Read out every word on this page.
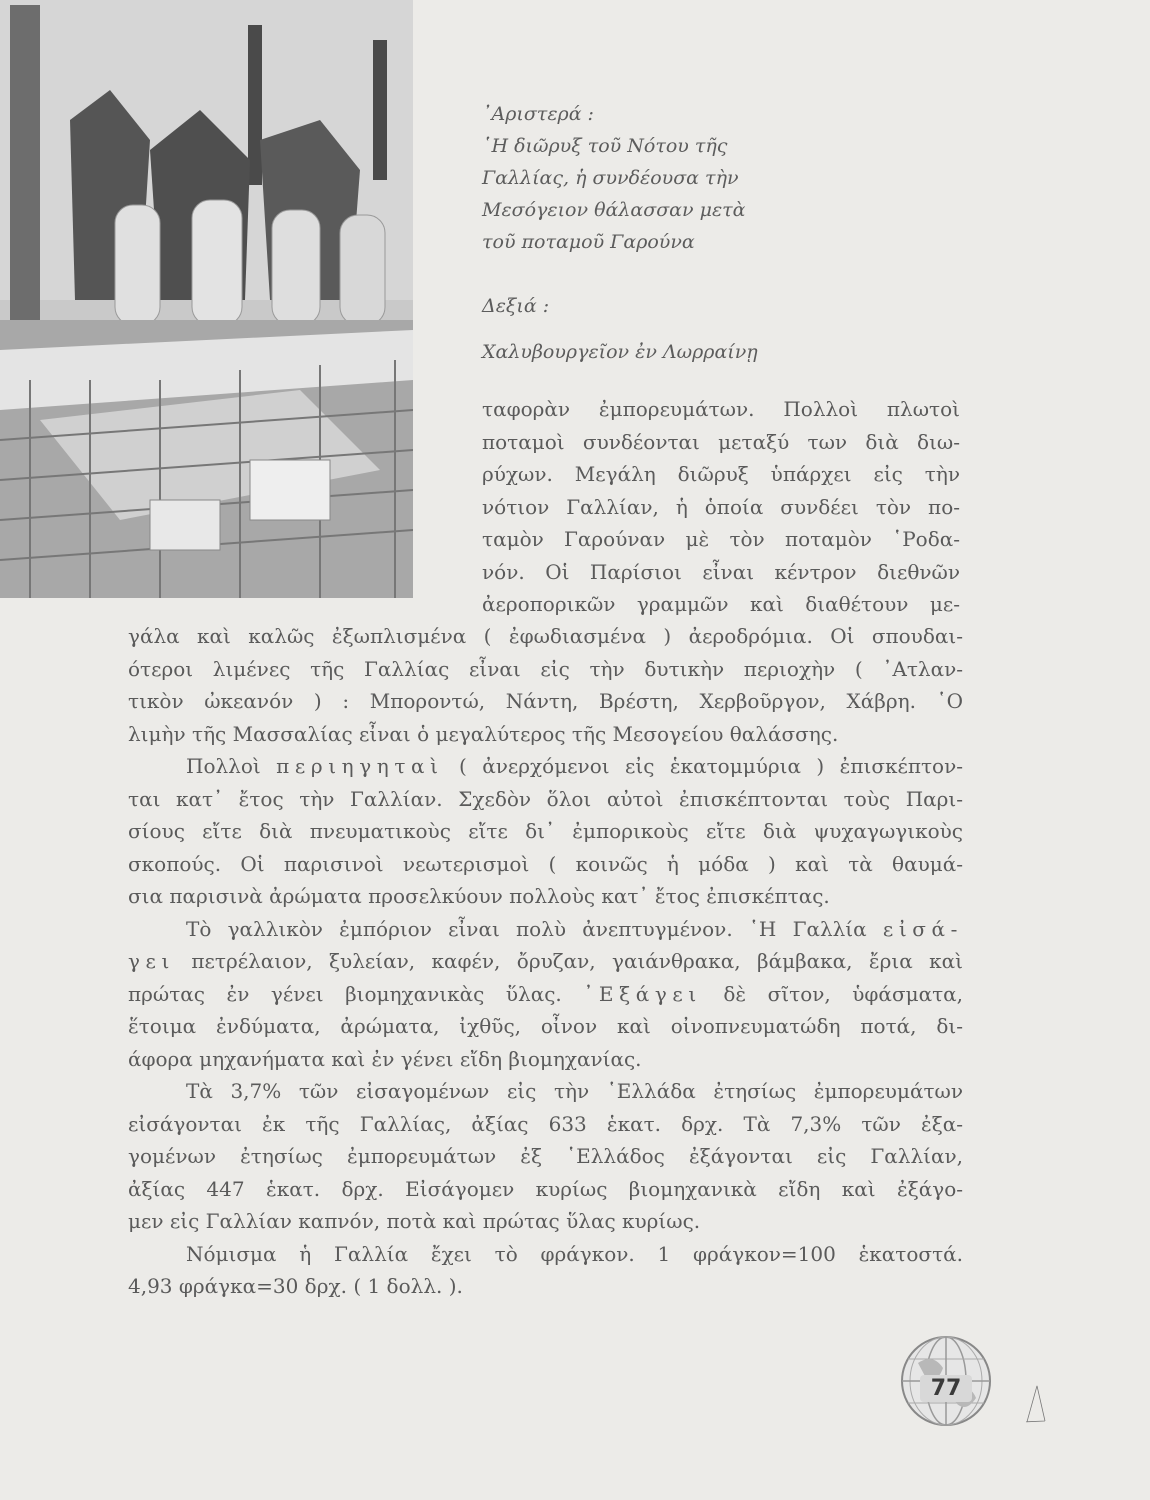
᾿Αριστερά :

῾Η διῶρυξ τοῦ Νότου τῆς

Γαλλίας, ἡ συνδέουσα τὴν

Μεσόγειον θάλασσαν μετὰ

τοῦ ποταμοῦ Γαρούνα

Δεξιά :

Χαλυβουργεῖον ἐν Λωρραίνῃ

ταφορὰν ἐμπορευμάτων. Πολλοὶ πλωτοὶ
ποταμοὶ συνδέονται μεταξύ των διὰ διω-
ρύχων. Μεγάλη διῶρυξ ὑπάρχει εἰς τὴν
νότιον Γαλλίαν, ἡ ὁποία συνδέει τὸν πο-
ταμὸν Γαρούναν μὲ τὸν ποταμὸν ῾Ροδα-
νόν. Οἱ Παρίσιοι εἶναι κέντρον διεθνῶν
ἀεροπορικῶν γραμμῶν καὶ διαθέτουν με-
γάλα καὶ καλῶς ἐξωπλισμένα ( ἐφωδιασμένα ) ἀεροδρόμια. Οἱ σπουδαι-
ότεροι λιμένες τῆς Γαλλίας εἶναι εἰς τὴν δυτικὴν περιοχὴν ( ᾿Ατλαν-
τικὸν ὠκεανόν ) : Μποροντώ, Νάντη, Βρέστη, Χερβοῦργον, Χάβρη. ῾Ο
λιμὴν τῆς Μασσαλίας εἶναι ὁ μεγαλύτερος τῆς Μεσογείου θαλάσσης.
Πολλοὶ περιηγηταὶ ( ἀνερχόμενοι εἰς ἑκατομμύρια ) ἐπισκέπτον-
ται κατ᾿ ἔτος τὴν Γαλλίαν. Σχεδὸν ὅλοι αὐτοὶ ἐπισκέπτονται τοὺς Παρι-
σίους εἴτε διὰ πνευματικοὺς εἴτε δι᾿ ἐμπορικοὺς εἴτε διὰ ψυχαγωγικοὺς
σκοπούς. Οἱ παρισινοὶ νεωτερισμοὶ ( κοινῶς ἡ μόδα ) καὶ τὰ θαυμά-
σια παρισινὰ ἀρώματα προσελκύουν πολλοὺς κατ᾿ ἔτος ἐπισκέπτας.
Τὸ γαλλικὸν ἐμπόριον εἶναι πολὺ ἀνεπτυγμένον. ῾Η Γαλλία εἰσά-
γει πετρέλαιον, ξυλείαν, καφέν, ὄρυζαν, γαιάνθρακα, βάμβακα, ἔρια καὶ
πρώτας ἐν γένει βιομηχανικὰς ὕλας. ᾿Εξάγει δὲ σῖτον, ὑφάσματα,
ἕτοιμα ἐνδύματα, ἀρώματα, ἰχθῦς, οἶνον καὶ οἰνοπνευματώδη ποτά, δι-
άφορα μηχανήματα καὶ ἐν γένει εἴδη βιομηχανίας.
Τὰ 3,7% τῶν εἰσαγομένων εἰς τὴν ῾Ελλάδα ἐτησίως ἐμπορευμάτων
εἰσάγονται ἐκ τῆς Γαλλίας, ἀξίας 633 ἑκατ. δρχ. Τὰ 7,3% τῶν ἐξα-
γομένων ἐτησίως ἐμπορευμάτων ἐξ ῾Ελλάδος ἐξάγονται εἰς Γαλλίαν,
ἀξίας 447 ἑκατ. δρχ. Εἰσάγομεν κυρίως βιομηχανικὰ εἴδη καὶ ἐξάγο-
μεν εἰς Γαλλίαν καπνόν, ποτὰ καὶ πρώτας ὕλας κυρίως.
Νόμισμα ἡ Γαλλία ἔχει τὸ φράγκον. 1 φράγκον=100 ἑκατοστά.
4,93 φράγκα=30 δρχ. ( 1 δολλ. ).
77
